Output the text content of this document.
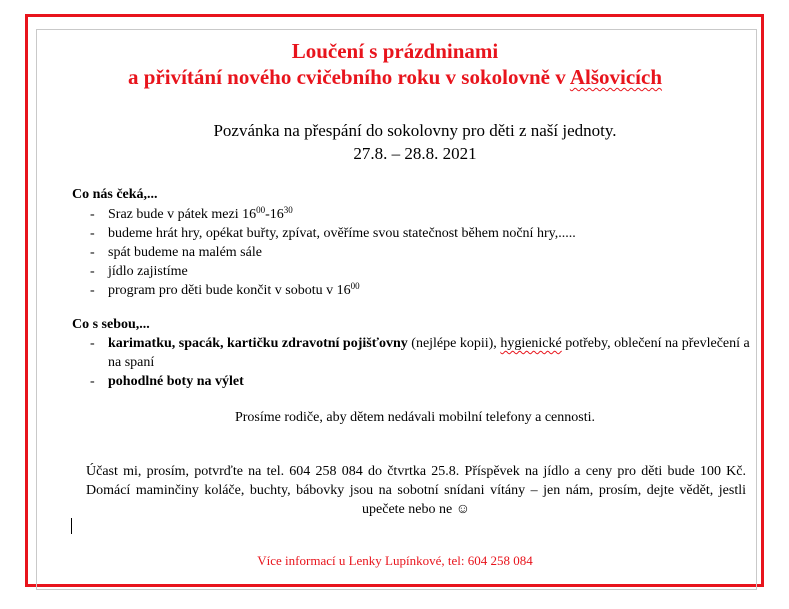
Loučení s prázdninami
a přivítání nového cvičebního roku v sokolovně v Alšovicích
Pozvánka na přespání do sokolovny pro děti z naší jednoty.
27.8. – 28.8. 2021
Co nás čeká,...
- Sraz bude v pátek mezi $16^{00}-16^{30}$
- budeme hrát hry, opékat buřty, zpívat, ověříme svou statečnost během noční hry,.....
- spát budeme na malém sále
- jídlo zajistíme
- program pro děti bude končit v sobotu v $16^{00}$
Co s sebou,...
- karimatku, spacák, kartičku zdravotní pojišťovny (nejlépe kopii), hygienické potřeby, oblečení na převlečení a na spaní
- pohodlné boty na výlet
Prosíme rodiče, aby dětem nedávali mobilní telefony a cennosti.
Účast mi, prosím, potvrďte na tel. 604 258 084 do čtvrtka 25.8. Příspěvek na jídlo a ceny pro děti bude 100 Kč. Domácí maminčiny koláče, buchty, bábovky jsou na sobotní snídani vítány – jen nám, prosím, dejte vědět, jestli upečete nebo ne ☺
Více informací u Lenky Lupínkové, tel: 604 258 084
